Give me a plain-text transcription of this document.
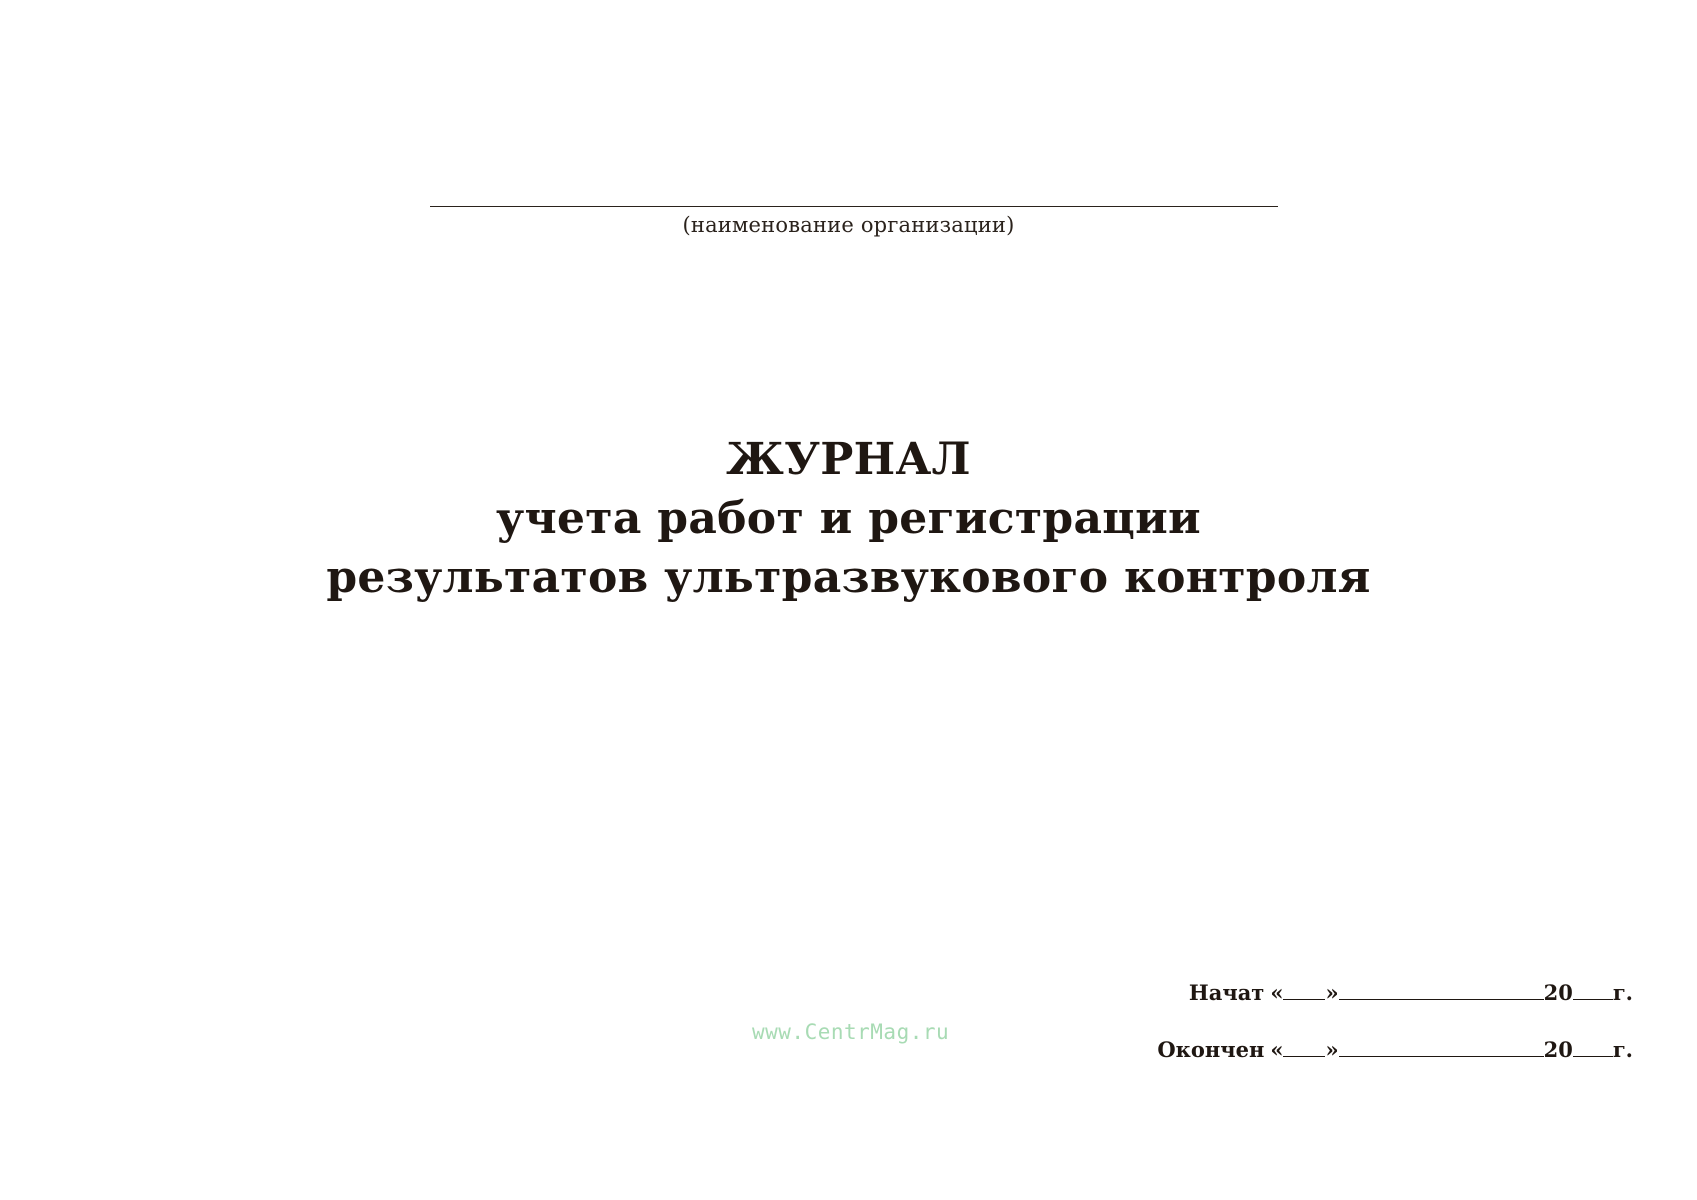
(наименование организации)
ЖУРНАЛ
учета работ и регистрации
результатов ультразвукового контроля
www.CentrMag.ru
Начат « »	20 г.
Окончен « »	20 г.
